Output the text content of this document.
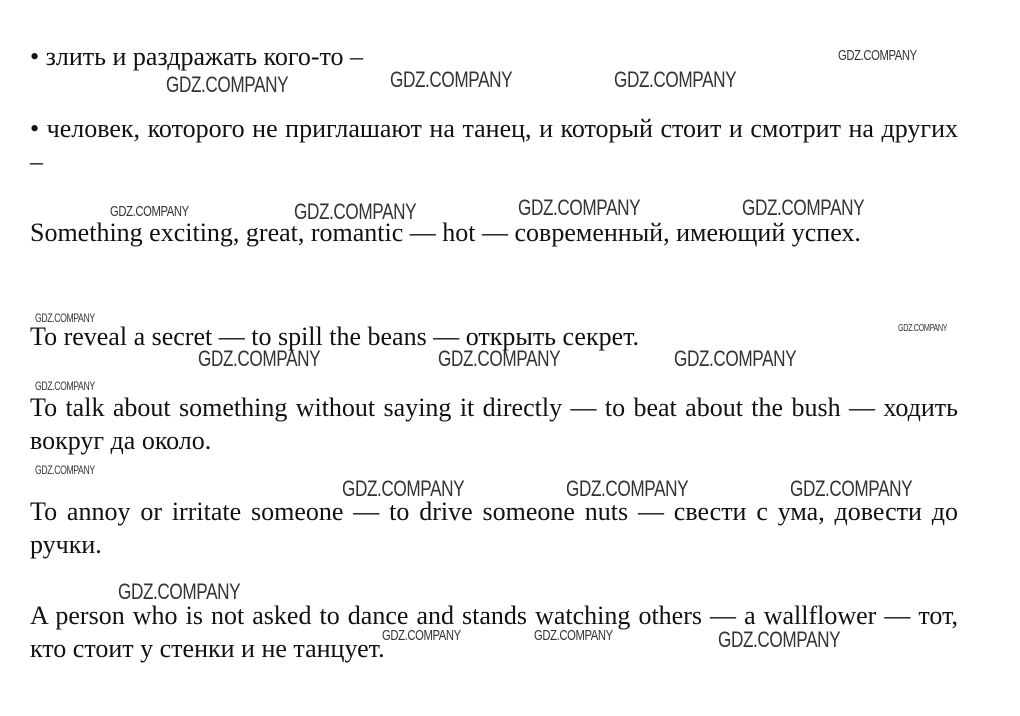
• злить и раздражать кого-то –

• человек, которого не приглашают на танец, и который стоит и смотрит на других –

Something exciting, great, romantic — hot — современный, имеющий успех.

To reveal a secret — to spill the beans — открыть секрет.

To talk about something without saying it directly — to beat about the bush — ходить вокруг да около.

To annoy or irritate someone — to drive someone nuts — свести с ума, довести до ручки.

A person who is not asked to dance and stands watching others — a wallflower — тот, кто стоит у стенки и не танцует.

GDZ.COMPANY
GDZ.COMPANY	GDZ.COMPANY	GDZ.COMPANY
GDZ.COMPANY	GDZ.COMPANY	GDZ.COMPANY	GDZ.COMPANY
GDZ.COMPANY
GDZ.COMPANY
GDZ.COMPANY	GDZ.COMPANY	GDZ.COMPANY
GDZ.COMPANY
GDZ.COMPANY
GDZ.COMPANY	GDZ.COMPANY	GDZ.COMPANY
GDZ.COMPANY
GDZ.COMPANY	GDZ.COMPANY	GDZ.COMPANY
